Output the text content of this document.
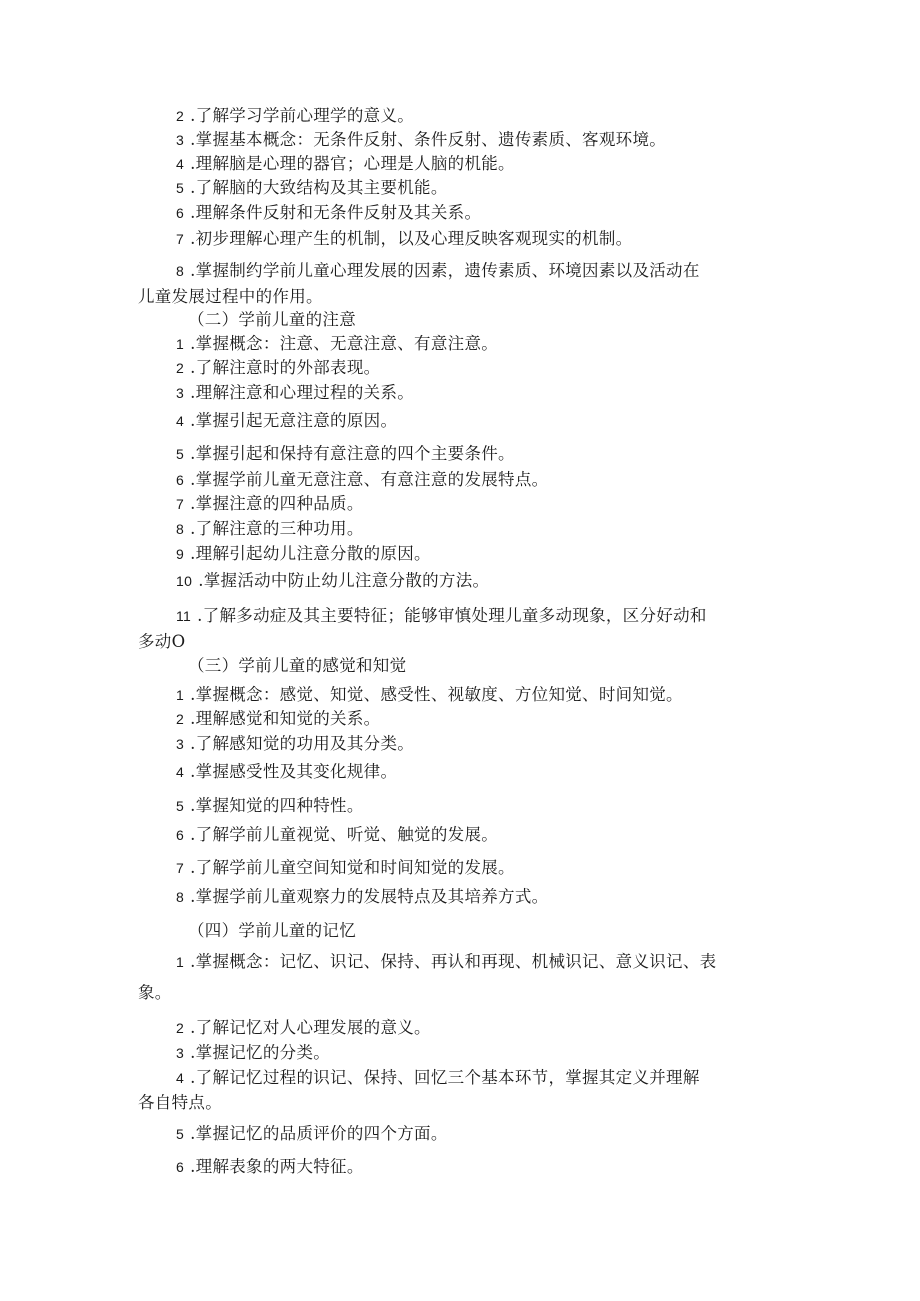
2 .了解学习学前心理学的意义。
3 .掌握基本概念：无条件反射、条件反射、遗传素质、客观环境。
4 .理解脑是心理的器官；心理是人脑的机能。
5 .了解脑的大致结构及其主要机能。
6 .理解条件反射和无条件反射及其关系。
7 .初步理解心理产生的机制，以及心理反映客观现实的机制。
8 .掌握制约学前儿童心理发展的因素，遗传素质、环境因素以及活动在
儿童发展过程中的作用。
（二）学前儿童的注意
1 .掌握概念：注意、无意注意、有意注意。
2 .了解注意时的外部表现。
3 .理解注意和心理过程的关系。
4 .掌握引起无意注意的原因。
5 .掌握引起和保持有意注意的四个主要条件。
6 .掌握学前儿童无意注意、有意注意的发展特点。
7 .掌握注意的四种品质。
8 .了解注意的三种功用。
9 .理解引起幼儿注意分散的原因。
10 .掌握活动中防止幼儿注意分散的方法。
11 .了解多动症及其主要特征；能够审慎处理儿童多动现象，区分好动和
多动O
（三）学前儿童的感觉和知觉
1 .掌握概念：感觉、知觉、感受性、视敏度、方位知觉、时间知觉。
2 .理解感觉和知觉的关系。
3 .了解感知觉的功用及其分类。
4 .掌握感受性及其变化规律。
5 .掌握知觉的四种特性。
6 .了解学前儿童视觉、听觉、触觉的发展。
7 .了解学前儿童空间知觉和时间知觉的发展。
8 .掌握学前儿童观察力的发展特点及其培养方式。
（四）学前儿童的记忆
1 .掌握概念：记忆、识记、保持、再认和再现、机械识记、意义识记、表
象。
2 .了解记忆对人心理发展的意义。
3 .掌握记忆的分类。
4 .了解记忆过程的识记、保持、回忆三个基本环节，掌握其定义并理解
各自特点。
5 .掌握记忆的品质评价的四个方面。
6 .理解表象的两大特征。
